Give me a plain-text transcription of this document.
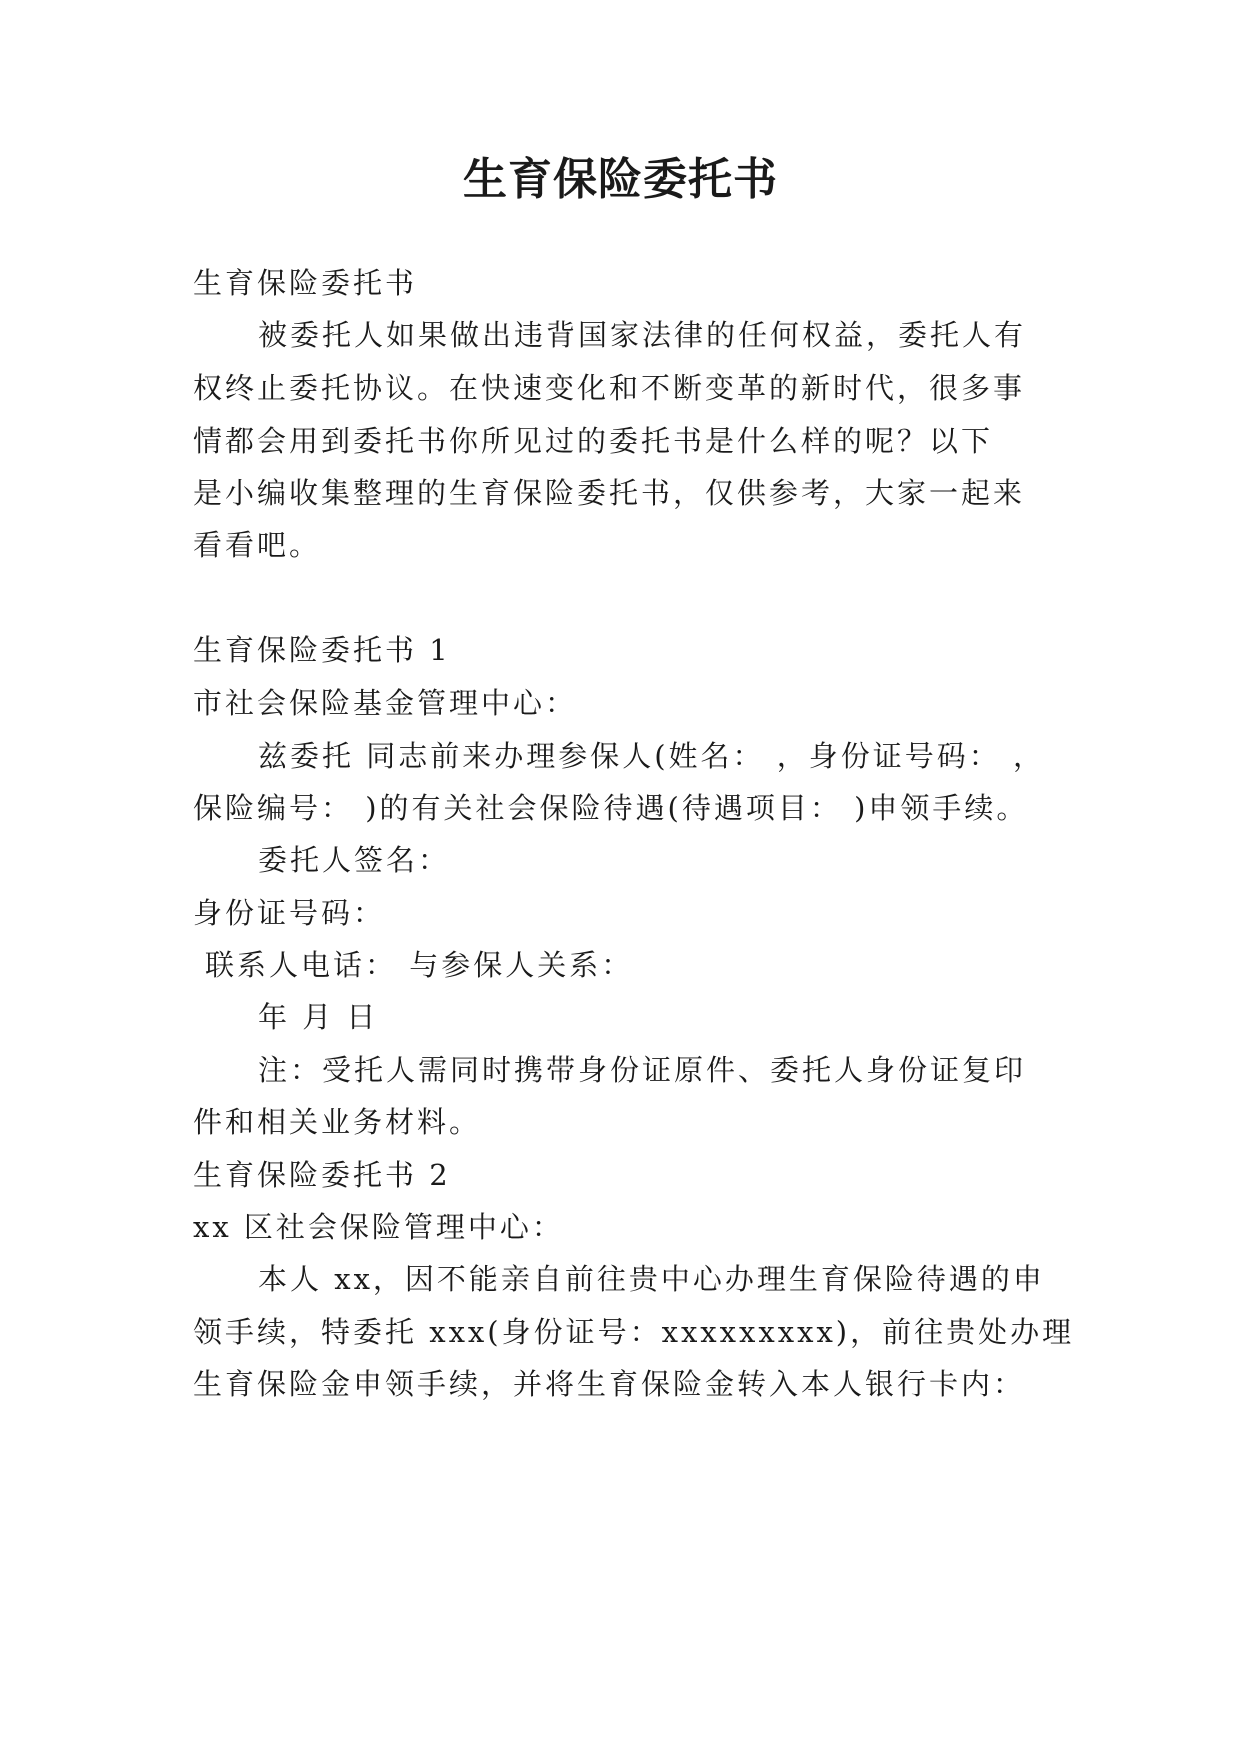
生育保险委托书

生育保险委托书

被委托人如果做出违背国家法律的任何权益，委托人有

权终止委托协议。在快速变化和不断变革的新时代，很多事

情都会用到委托书你所见过的委托书是什么样的呢？以下

是小编收集整理的生育保险委托书，仅供参考，大家一起来

看看吧。

生育保险委托书 1

市社会保险基金管理中心：

兹委托 同志前来办理参保人(姓名： ，身份证号码： ，

保险编号： )的有关社会保险待遇(待遇项目： )申领手续。

委托人签名：

身份证号码：

联系人电话： 与参保人关系：

年 月 日

注：受托人需同时携带身份证原件、委托人身份证复印

件和相关业务材料。

生育保险委托书 2

xx 区社会保险管理中心：

本人 xx，因不能亲自前往贵中心办理生育保险待遇的申

领手续，特委托 xxx(身份证号：xxxxxxxxx)，前往贵处办理

生育保险金申领手续，并将生育保险金转入本人银行卡内：
